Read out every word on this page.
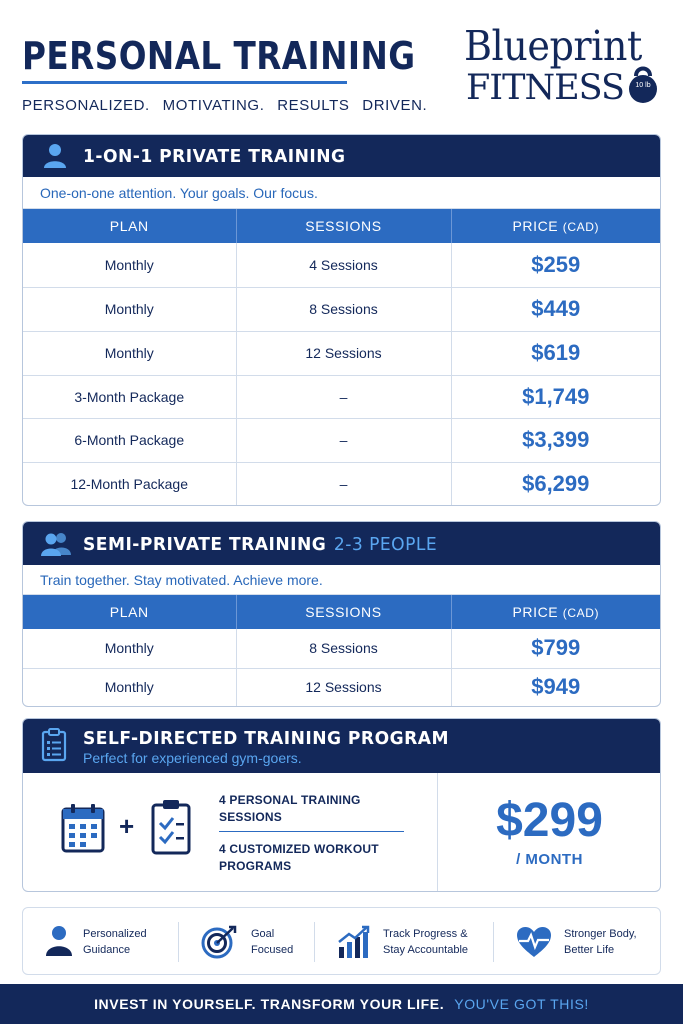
PERSONAL TRAINING
PERSONALIZED. MOTIVATING. RESULTS DRIVEN.
Blueprint
FITNESS	10 lb
1-ON-1 PRIVATE TRAINING
One-on-one attention. Your goals. Our focus.
PLAN	SESSIONS	PRICE (CAD)
Monthly	4 Sessions	$259
Monthly	8 Sessions	$449
Monthly	12 Sessions	$619
3-Month Package	–	$1,749
6-Month Package	–	$3,399
12-Month Package	–	$6,299
SEMI-PRIVATE TRAINING 2-3 PEOPLE
Train together. Stay motivated. Achieve more.
PLAN	SESSIONS	PRICE (CAD)
Monthly	8 Sessions	$799
Monthly	12 Sessions	$949
SELF-DIRECTED TRAINING PROGRAM
Perfect for experienced gym-goers.
+
4 PERSONAL TRAINING
SESSIONS
4 CUSTOMIZED WORKOUT
PROGRAMS
$299
/ MONTH
Personalized
Guidance
Goal
Focused
Track Progress &
Stay Accountable
Stronger Body,
Better Life
INVEST IN YOURSELF. TRANSFORM YOUR LIFE. YOU'VE GOT THIS!
